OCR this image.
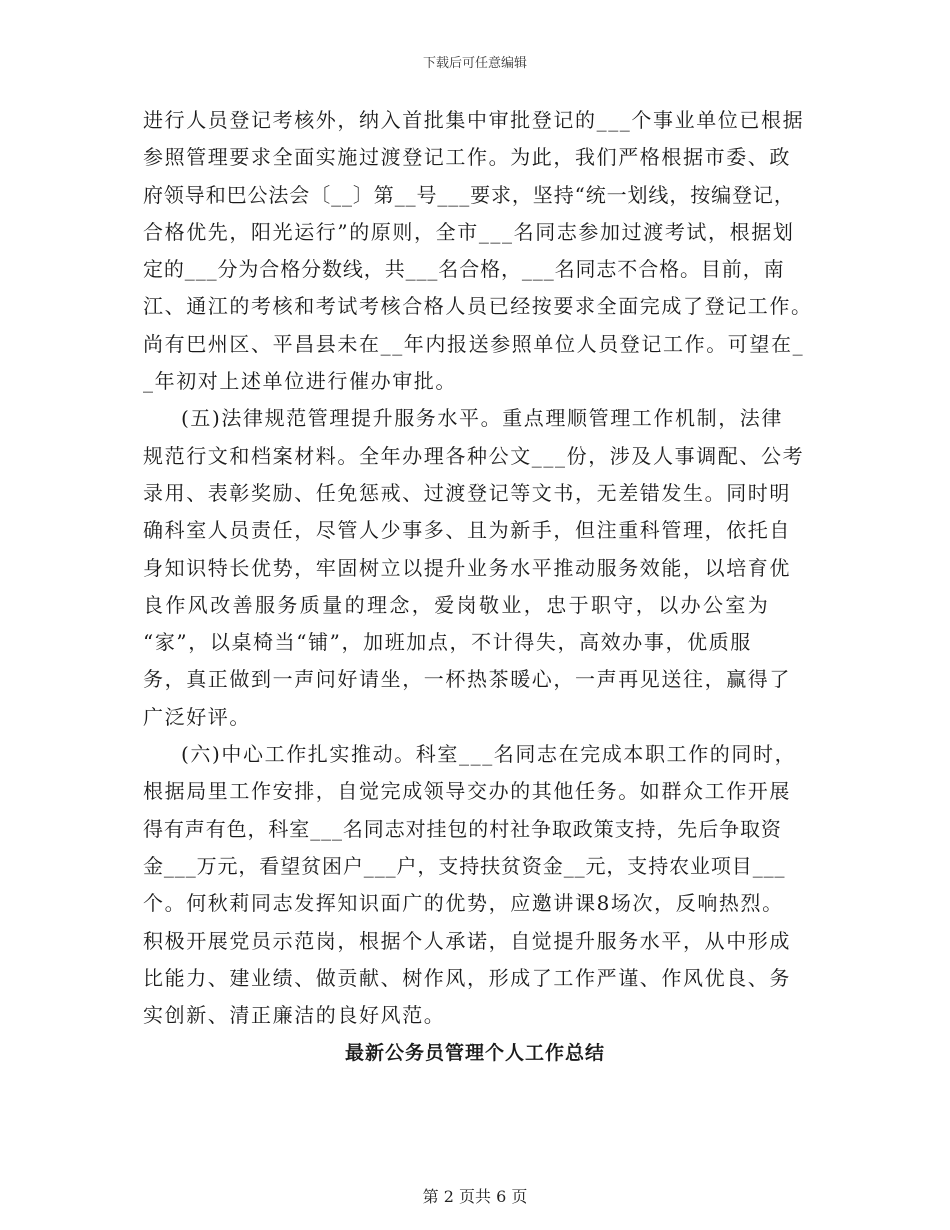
下载后可任意编辑
进行人员登记考核外，纳入首批集中审批登记的___个事业单位已根据
参照管理要求全面实施过渡登记工作。为此，我们严格根据市委、政
府领导和巴公法会〔__〕第__号___要求，坚持“统一划线，按编登记，
合格优先，阳光运行”的原则，全市___名同志参加过渡考试，根据划
定的___分为合格分数线，共___名合格，___名同志不合格。目前，南
江、通江的考核和考试考核合格人员已经按要求全面完成了登记工作。
尚有巴州区、平昌县未在__年内报送参照单位人员登记工作。可望在_
_年初对上述单位进行催办审批。
(五)法律规范管理提升服务水平。重点理顺管理工作机制，法律
规范行文和档案材料。全年办理各种公文___份，涉及人事调配、公考
录用、表彰奖励、任免惩戒、过渡登记等文书，无差错发生。同时明
确科室人员责任，尽管人少事多、且为新手，但注重科管理，依托自
身知识特长优势，牢固树立以提升业务水平推动服务效能，以培育优
良作风改善服务质量的理念，爱岗敬业，忠于职守，以办公室为
“家”，以桌椅当“铺”，加班加点，不计得失，高效办事，优质服
务，真正做到一声问好请坐，一杯热茶暖心，一声再见送往，赢得了
广泛好评。
(六)中心工作扎实推动。科室___名同志在完成本职工作的同时，
根据局里工作安排，自觉完成领导交办的其他任务。如群众工作开展
得有声有色，科室___名同志对挂包的村社争取政策支持，先后争取资
金___万元，看望贫困户___户，支持扶贫资金__元，支持农业项目___
个。何秋莉同志发挥知识面广的优势，应邀讲课8场次，反响热烈。
积极开展党员示范岗，根据个人承诺，自觉提升服务水平，从中形成
比能力、建业绩、做贡献、树作风，形成了工作严谨、作风优良、务
实创新、清正廉洁的良好风范。
最新公务员管理个人工作总结
第 2 页共 6 页
